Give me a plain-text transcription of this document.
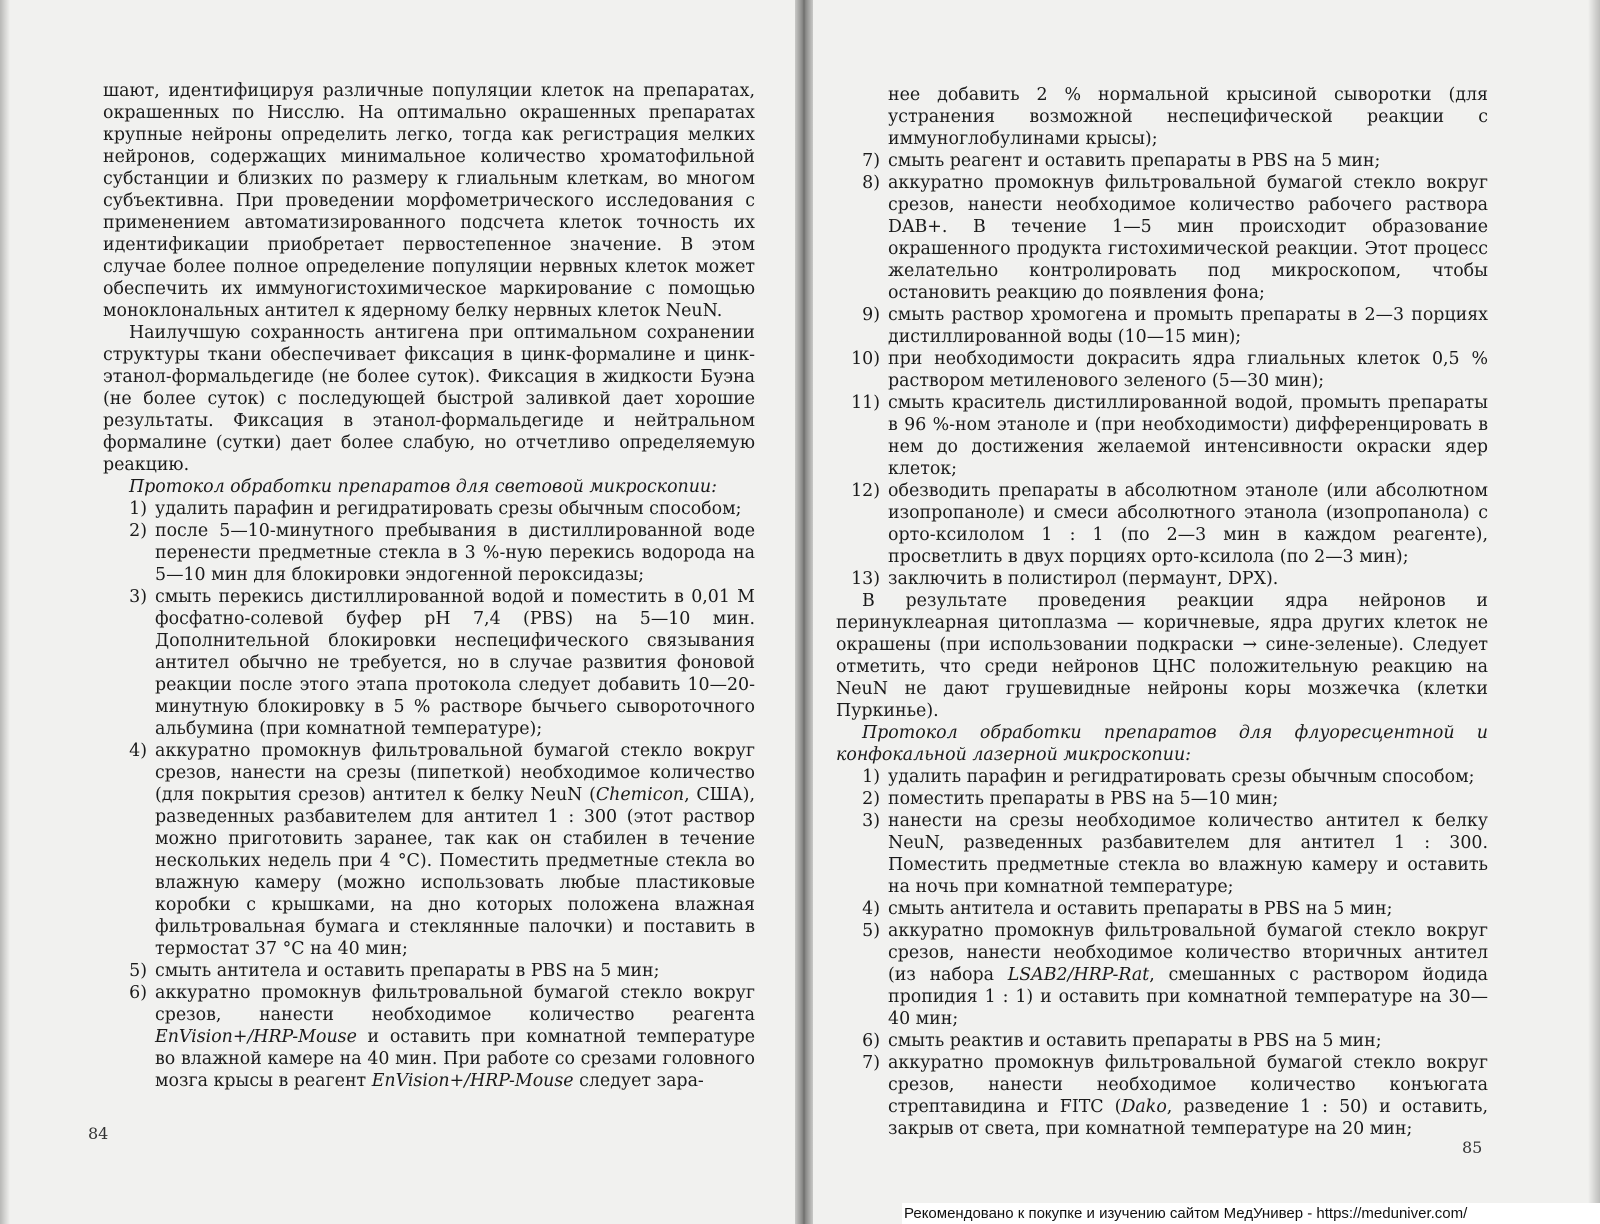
шают, идентифицируя различные популяции клеток на препаратах, окрашенных по Нисслю. На оптимально окрашенных препаратах крупные нейроны определить легко, тогда как регистрация мелких нейронов, содержащих минимальное количество хроматофильной субстанции и близких по размеру к глиальным клеткам, во многом субъективна. При проведении морфометрического исследования с применением автоматизированного подсчета клеток точность их идентификации приобретает первостепенное значение. В этом случае более полное определение популяции нервных клеток может обеспечить их иммуногистохимическое маркирование с помощью моноклональных антител к ядерному белку нервных клеток NeuN.

Наилучшую сохранность антигена при оптимальном сохранении структуры ткани обеспечивает фиксация в цинк-формалине и цинк-этанол-формальдегиде (не более суток). Фиксация в жидкости Буэна (не более суток) с последующей быстрой заливкой дает хорошие результаты. Фиксация в этанол-формальдегиде и нейтральном формалине (сутки) дает более слабую, но отчетливо определяемую реакцию.

Протокол обработки препаратов для световой микроскопии:

1) удалить парафин и регидратировать срезы обычным способом;
2) после 5—10-минутного пребывания в дистиллированной воде перенести предметные стекла в 3 %-ную перекись водорода на 5—10 мин для блокировки эндогенной пероксидазы;
3) смыть перекись дистиллированной водой и поместить в 0,01 М фосфатно-солевой буфер рН 7,4 (PBS) на 5—10 мин. Дополнительной блокировки неспецифического связывания антител обычно не требуется, но в случае развития фоновой реакции после этого этапа протокола следует добавить 10—20-минутную блокировку в 5 % растворе бычьего сывороточного альбумина (при комнатной температуре);
4) аккуратно промокнув фильтровальной бумагой стекло вокруг срезов, нанести на срезы (пипеткой) необходимое количество (для покрытия срезов) антител к белку NeuN (Chemicon, США), разведенных разбавителем для антител 1 : 300 (этот раствор можно приготовить заранее, так как он стабилен в течение нескольких недель при 4 °С). Поместить предметные стекла во влажную камеру (можно использовать любые пластиковые коробки с крышками, на дно которых положена влажная фильтровальная бумага и стеклянные палочки) и поставить в термостат 37 °С на 40 мин;
5) смыть антитела и оставить препараты в PBS на 5 мин;
6) аккуратно промокнув фильтровальной бумагой стекло вокруг срезов, нанести необходимое количество реагента EnVision+/HRP-Mouse и оставить при комнатной температуре во влажной камере на 40 мин. При работе со срезами головного мозга крысы в реагент EnVision+/HRP-Mouse следует зара-
84

нее добавить 2 % нормальной крысиной сыворотки (для устранения возможной неспецифической реакции с иммуноглобулинами крысы);

7) смыть реагент и оставить препараты в PBS на 5 мин;
8) аккуратно промокнув фильтровальной бумагой стекло вокруг срезов, нанести необходимое количество рабочего раствора DAB+. В течение 1—5 мин происходит образование окрашенного продукта гистохимической реакции. Этот процесс желательно контролировать под микроскопом, чтобы остановить реакцию до появления фона;
9) смыть раствор хромогена и промыть препараты в 2—3 порциях дистиллированной воды (10—15 мин);
10) при необходимости докрасить ядра глиальных клеток 0,5 % раствором метиленового зеленого (5—30 мин);
11) смыть краситель дистиллированной водой, промыть препараты в 96 %-ном этаноле и (при необходимости) дифференцировать в нем до достижения желаемой интенсивности окраски ядер клеток;
12) обезводить препараты в абсолютном этаноле (или абсолютном изопропаноле) и смеси абсолютного этанола (изопропанола) с орто-ксилолом 1 : 1 (по 2—3 мин в каждом реагенте), просветлить в двух порциях орто-ксилола (по 2—3 мин);
13) заключить в полистирол (пермаунт, DPX).

В результате проведения реакции ядра нейронов и перинуклеарная цитоплазма — коричневые, ядра других клеток не окрашены (при использовании подкраски → сине-зеленые). Следует отметить, что среди нейронов ЦНС положительную реакцию на NeuN не дают грушевидные нейроны коры мозжечка (клетки Пуркинье).

Протокол обработки препаратов для флуоресцентной и конфокальной лазерной микроскопии:

1) удалить парафин и регидратировать срезы обычным способом;
2) поместить препараты в PBS на 5—10 мин;
3) нанести на срезы необходимое количество антител к белку NeuN, разведенных разбавителем для антител 1 : 300. Поместить предметные стекла во влажную камеру и оставить на ночь при комнатной температуре;
4) смыть антитела и оставить препараты в PBS на 5 мин;
5) аккуратно промокнув фильтровальной бумагой стекло вокруг срезов, нанести необходимое количество вторичных антител (из набора LSAB2/HRP-Rat, смешанных с раствором йодида пропидия 1 : 1) и оставить при комнатной температуре на 30—40 мин;
6) смыть реактив и оставить препараты в PBS на 5 мин;
7) аккуратно промокнув фильтровальной бумагой стекло вокруг срезов, нанести необходимое количество конъюгата стрептавидина и FITC (Dako, разведение 1 : 50) и оставить, закрыв от света, при комнатной температуре на 20 мин;
85
Рекомендовано к покупке и изучению сайтом МедУнивер - https://meduniver.com/
